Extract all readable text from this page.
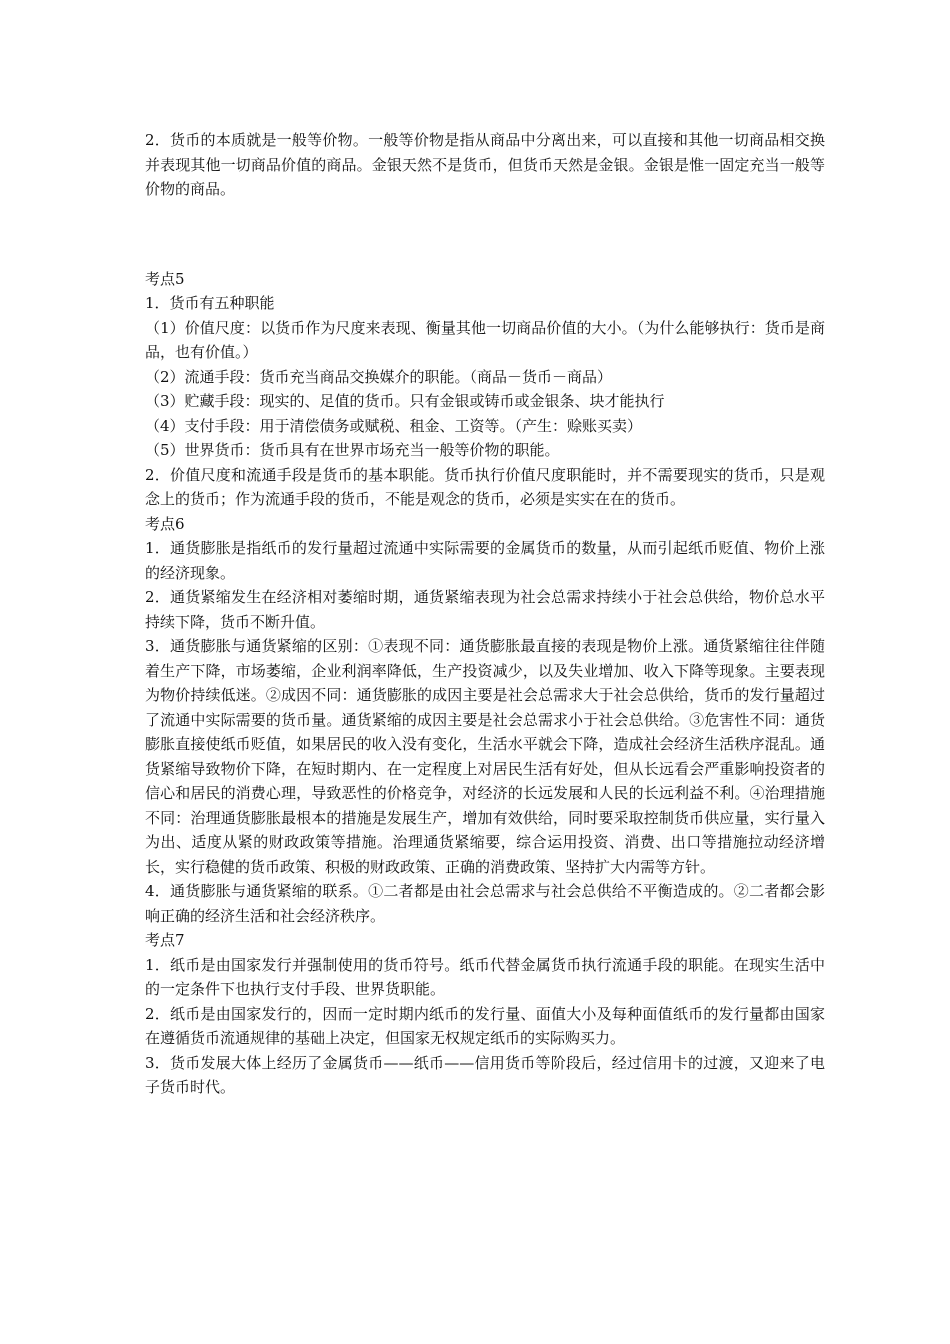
2．货币的本质就是一般等价物。一般等价物是指从商品中分离出来，可以直接和其他一切商品相交换并表现其他一切商品价值的商品。金银天然不是货币，但货币天然是金银。金银是惟一固定充当一般等价物的商品。

考点5

1．货币有五种职能

（1）价值尺度：以货币作为尺度来表现、衡量其他一切商品价值的大小。（为什么能够执行：货币是商品，也有价值。）

（2）流通手段：货币充当商品交换媒介的职能。（商品－货币－商品）

（3）贮藏手段：现实的、足值的货币。只有金银或铸币或金银条、块才能执行

（4）支付手段：用于清偿债务或赋税、租金、工资等。（产生：赊账买卖）

（5）世界货币：货币具有在世界市场充当一般等价物的职能。

2．价值尺度和流通手段是货币的基本职能。货币执行价值尺度职能时，并不需要现实的货币，只是观念上的货币；作为流通手段的货币，不能是观念的货币，必须是实实在在的货币。

考点6

1．通货膨胀是指纸币的发行量超过流通中实际需要的金属货币的数量，从而引起纸币贬值、物价上涨的经济现象。

2．通货紧缩发生在经济相对萎缩时期，通货紧缩表现为社会总需求持续小于社会总供给，物价总水平持续下降，货币不断升值。

3．通货膨胀与通货紧缩的区别：①表现不同：通货膨胀最直接的表现是物价上涨。通货紧缩往往伴随着生产下降，市场萎缩，企业利润率降低，生产投资减少，以及失业增加、收入下降等现象。主要表现为物价持续低迷。②成因不同：通货膨胀的成因主要是社会总需求大于社会总供给，货币的发行量超过了流通中实际需要的货币量。通货紧缩的成因主要是社会总需求小于社会总供给。③危害性不同：通货膨胀直接使纸币贬值，如果居民的收入没有变化，生活水平就会下降，造成社会经济生活秩序混乱。通货紧缩导致物价下降，在短时期内、在一定程度上对居民生活有好处，但从长远看会严重影响投资者的信心和居民的消费心理，导致恶性的价格竞争，对经济的长远发展和人民的长远利益不利。④治理措施不同：治理通货膨胀最根本的措施是发展生产，增加有效供给，同时要采取控制货币供应量，实行量入为出、适度从紧的财政政策等措施。治理通货紧缩要，综合运用投资、消费、出口等措施拉动经济增长，实行稳健的货币政策、积极的财政政策、正确的消费政策、坚持扩大内需等方针。

4．通货膨胀与通货紧缩的联系。①二者都是由社会总需求与社会总供给不平衡造成的。②二者都会影响正确的经济生活和社会经济秩序。

考点7

1．纸币是由国家发行并强制使用的货币符号。纸币代替金属货币执行流通手段的职能。在现实生活中的一定条件下也执行支付手段、世界货职能。

2．纸币是由国家发行的，因而一定时期内纸币的发行量、面值大小及每种面值纸币的发行量都由国家在遵循货币流通规律的基础上决定，但国家无权规定纸币的实际购买力。

3．货币发展大体上经历了金属货币——纸币——信用货币等阶段后，经过信用卡的过渡，又迎来了电子货币时代。
